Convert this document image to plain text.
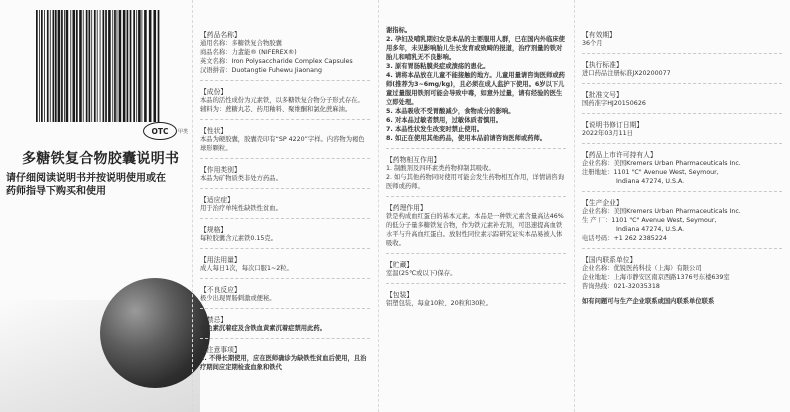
OTC 甲类
多糖铁复合物胶囊说明书
请仔细阅读说明书并按说明使用或在
药师指导下购买和使用
【药品名称】
通用名称：多糖铁复合物胶囊
商品名称：力蜚能® (NIFEREX®)
英文名称：Iron Polysaccharide Complex Capsules
汉语拼音：Duotangtie Fuhewu Jiaonang
【成份】
本品的活性成份为元素铁，以多糖铁复合物分子形式存在。
辅料为：蔗糖丸芯、药用釉料、聚维酮和氯化蔗麻油。
【性状】
本品为硬胶囊，胶囊壳印有“SP 4220”字样。内容物为褐色球形颗粒。
【作用类别】
本品为矿物质类非处方药品。
【适应症】
用于治疗单纯性缺铁性贫血。
【规格】
每粒胶囊含元素铁0.15克。
【用法用量】
成人每日1次，每次口服1~2粒。
【不良反应】
极少出现胃肠刺激或便秘。
【禁忌】
血色素沉着症及含铁血黄素沉着症禁用此药。
【注意事项】
1. 不得长期使用，应在医师确诊为缺铁性贫血后使用，且治疗期间应定期检查血象和铁代
谢指标。
2. 孕妇及哺乳期妇女是本品的主要服用人群，已在国内外临床使用多年，未见影响胎儿生长发育或致畸的报道，治疗剂量的铁对胎儿和哺乳无不良影响。
3. 原有胃肠粘膜炎症或溃疡的患化。
4. 请将本品放在儿童不能接触的地方。儿童用量请咨询医师或药师(推荐为3~6mg/kg)，且必须在成人监护下使用。6岁以下儿童过量服用铁剂可能会导致中毒，如意外过量，请有经验的医生立即处理。
5. 本品吸收不受胃酸减少，食物成分的影响。
6. 对本品过敏者禁用，过敏体质者慎用。
7. 本品性状发生改变时禁止使用。
8. 如正在使用其他药品，使用本品前请咨询医师或药师。
【药物相互作用】
1. 制酸剂及四环素类药物抑制其吸收。
2. 如与其他药物同时使用可能会发生药物相互作用，详情请咨询医师或药师。
【药理作用】
铁是构成血红蛋白的基本元素。本品是一种铁元素含量高达46%的低分子量多糖铁复合物，作为铁元素补充剂，可迅速提高血铁水平与升高血红蛋白。放射性同位素示踪研究证实本品易被人体吸收。
【贮藏】
室温(25℃或以下)保存。
【包装】
铝塑包装，每盒10粒、20粒和30粒。
【有效期】
36个月
【执行标准】
进口药品注册标准JX20200077
【批准文号】
国药准字HJ20150626
【说明书修订日期】
2022年03月11日
【药品上市许可持有人】
企业名称：美国Kremers Urban Pharmaceuticals Inc.
注册地址：1101 "C" Avenue West, Seymour,
Indiana 47274, U.S.A.
【生产企业】
企业名称：美国Kremers Urban Pharmaceuticals Inc.
生 产 厂：1101 "C" Avenue West, Seymour,
Indiana 47274, U.S.A.
电话号码：+1 262 2385224
【国内联系单位】
企业名称：优锐医药科技（上海）有限公司
企业地址：上海市静安区南京西路1376号东楼639室
咨询热线：021-32035318
如有问题可与生产企业联系或国内联系单位联系
